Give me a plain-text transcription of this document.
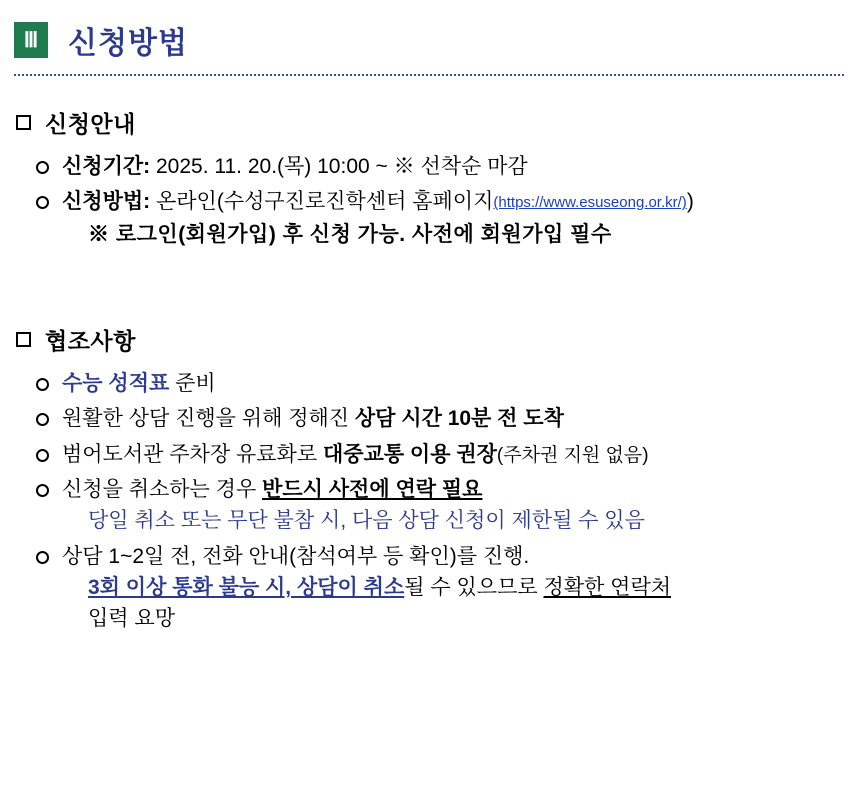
Ⅲ 신청방법
신청안내
신청기간: 2025. 11. 20.(목) 10:00 ~ ※ 선착순 마감
신청방법: 온라인(수성구진로진학센터 홈페이지(https://www.esuseong.or.kr/))
※ 로그인(회원가입) 후 신청 가능. 사전에 회원가입 필수
협조사항
수능 성적표 준비
원활한 상담 진행을 위해 정해진 상담 시간 10분 전 도착
범어도서관 주차장 유료화로 대중교통 이용 권장(주차권 지원 없음)
신청을 취소하는 경우 반드시 사전에 연락 필요
당일 취소 또는 무단 불참 시, 다음 상담 신청이 제한될 수 있음
상담 1~2일 전, 전화 안내(참석여부 등 확인)를 진행.
3회 이상 통화 불능 시, 상담이 취소될 수 있으므로 정확한 연락처
입력 요망
